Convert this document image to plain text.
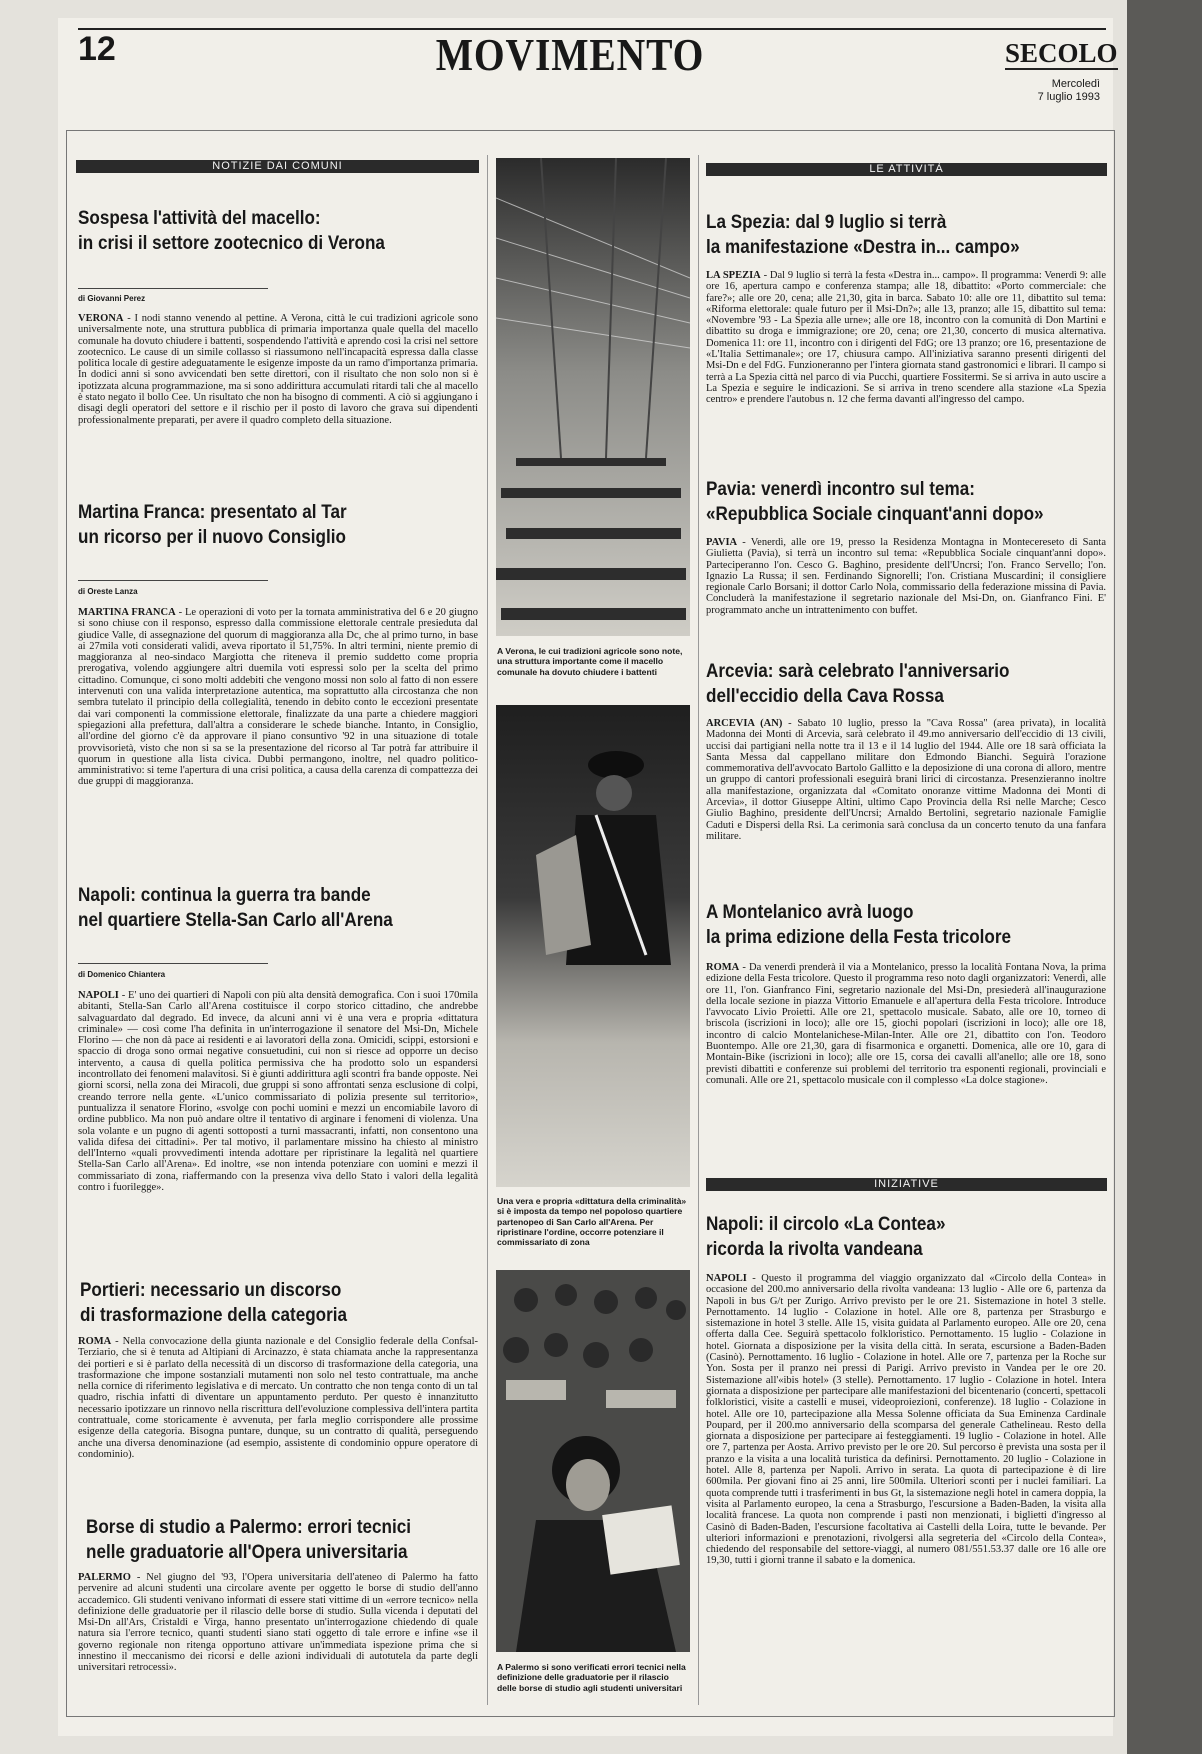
12	MOVIMENTO	SECOLO
Mercoledì
7 luglio 1993
NOTIZIE DAI COMUNI
Sospesa l'attività del macello:
in crisi il settore zootecnico di Verona
di Giovanni Perez
VERONA - I nodi stanno venendo al pettine. A Verona, città le cui tradizioni agricole sono universalmente note, una struttura pubblica di primaria importanza quale quella del macello comunale ha dovuto chiudere i battenti, sospendendo l'attività e aprendo così la crisi nel settore zootecnico. Le cause di un simile collasso si riassumono nell'incapacità espressa dalla classe politica locale di gestire adeguatamente le esigenze imposte da un ramo d'importanza primaria. In dodici anni si sono avvicendati ben sette direttori, con il risultato che non solo non si è ipotizzata alcuna programmazione, ma si sono addirittura accumulati ritardi tali che al macello è stato negato il bollo Cee. Un risultato che non ha bisogno di commenti. A ciò si aggiungano i disagi degli operatori del settore e il rischio per il posto di lavoro che grava sui dipendenti professionalmente preparati, per avere il quadro completo della situazione.
Martina Franca: presentato al Tar
un ricorso per il nuovo Consiglio
di Oreste Lanza
MARTINA FRANCA - Le operazioni di voto per la tornata amministrativa del 6 e 20 giugno si sono chiuse con il responso, espresso dalla commissione elettorale centrale presieduta dal giudice Valle, di assegnazione del quorum di maggioranza alla Dc, che al primo turno, in base ai 27mila voti considerati validi, aveva riportato il 51,75%. In altri termini, niente premio di maggioranza al neo-sindaco Margiotta che riteneva il premio suddetto come propria prerogativa, volendo aggiungere altri duemila voti espressi solo per la scelta del primo cittadino. Comunque, ci sono molti addebiti che vengono mossi non solo al fatto di non essere intervenuti con una valida interpretazione autentica, ma soprattutto alla circostanza che non sembra tutelato il principio della collegialità, tenendo in debito conto le eccezioni presentate dai vari componenti la commissione elettorale, finalizzate da una parte a chiedere maggiori spiegazioni alla prefettura, dall'altra a considerare le schede bianche. Intanto, in Consiglio, all'ordine del giorno c'è da approvare il piano consuntivo '92 in una situazione di totale provvisorietà, visto che non si sa se la presentazione del ricorso al Tar potrà far attribuire il quorum in questione alla lista civica. Dubbi permangono, inoltre, nel quadro politico-amministrativo: si teme l'apertura di una crisi politica, a causa della carenza di compattezza dei due gruppi di maggioranza.
Napoli: continua la guerra tra bande
nel quartiere Stella-San Carlo all'Arena
di Domenico Chiantera
NAPOLI - E' uno dei quartieri di Napoli con più alta densità demografica. Con i suoi 170mila abitanti, Stella-San Carlo all'Arena costituisce il corpo storico cittadino, che andrebbe salvaguardato dal degrado. Ed invece, da alcuni anni vi è una vera e propria «dittatura criminale» — così come l'ha definita in un'interrogazione il senatore del Msi-Dn, Michele Florino — che non dà pace ai residenti e ai lavoratori della zona. Omicidi, scippi, estorsioni e spaccio di droga sono ormai negative consuetudini, cui non si riesce ad opporre un deciso intervento, a causa di quella politica permissiva che ha prodotto solo un espandersi incontrollato dei fenomeni malavitosi. Si è giunti addirittura agli scontri fra bande opposte. Nei giorni scorsi, nella zona dei Miracoli, due gruppi si sono affrontati senza esclusione di colpi, creando terrore nella gente. «L'unico commissariato di polizia presente sul territorio», puntualizza il senatore Florino, «svolge con pochi uomini e mezzi un encomiabile lavoro di ordine pubblico. Ma non può andare oltre il tentativo di arginare i fenomeni di violenza. Una sola volante e un pugno di agenti sottoposti a turni massacranti, infatti, non consentono una valida difesa dei cittadini». Per tal motivo, il parlamentare missino ha chiesto al ministro dell'Interno «quali provvedimenti intenda adottare per ripristinare la legalità nel quartiere Stella-San Carlo all'Arena». Ed inoltre, «se non intenda potenziare con uomini e mezzi il commissariato di zona, riaffermando con la presenza viva dello Stato i valori della legalità contro i fuorilegge».
Portieri: necessario un discorso
di trasformazione della categoria
ROMA - Nella convocazione della giunta nazionale e del Consiglio federale della Confsal-Terziario, che si è tenuta ad Altipiani di Arcinazzo, è stata chiamata anche la rappresentanza dei portieri e si è parlato della necessità di un discorso di trasformazione della categoria, una trasformazione che impone sostanziali mutamenti non solo nel testo contrattuale, ma anche nella cornice di riferimento legislativa e di mercato. Un contratto che non tenga conto di un tal quadro, rischia infatti di diventare un appuntamento perduto. Per questo è innanzitutto necessario ipotizzare un rinnovo nella riscrittura dell'evoluzione complessiva dell'intera partita contrattuale, come storicamente è avvenuta, per farla meglio corrispondere alle prossime esigenze della categoria. Bisogna puntare, dunque, su un contratto di qualità, perseguendo anche una diversa denominazione (ad esempio, assistente di condominio oppure operatore di condominio).
Borse di studio a Palermo: errori tecnici
nelle graduatorie all'Opera universitaria
PALERMO - Nel giugno del '93, l'Opera universitaria dell'ateneo di Palermo ha fatto pervenire ad alcuni studenti una circolare avente per oggetto le borse di studio dell'anno accademico. Gli studenti venivano informati di essere stati vittime di un «errore tecnico» nella definizione delle graduatorie per il rilascio delle borse di studio. Sulla vicenda i deputati del Msi-Dn all'Ars, Cristaldi e Virga, hanno presentato un'interrogazione chiedendo di quale natura sia l'errore tecnico, quanti studenti siano stati oggetto di tale errore e infine «se il governo regionale non ritenga opportuno attivare un'immediata ispezione prima che si innestino il meccanismo dei ricorsi e delle azioni individuali di autotutela da parte degli universitari retrocessi».
A Verona, le cui tradizioni agricole sono note, una struttura importante come il macello comunale ha dovuto chiudere i battenti
Una vera e propria «dittatura della criminalità» si è imposta da tempo nel popoloso quartiere partenopeo di San Carlo all'Arena. Per ripristinare l'ordine, occorre potenziare il commissariato di zona
A Palermo si sono verificati errori tecnici nella definizione delle graduatorie per il rilascio delle borse di studio agli studenti universitari
LE ATTIVITÀ
La Spezia: dal 9 luglio si terrà
la manifestazione «Destra in... campo»
LA SPEZIA - Dal 9 luglio si terrà la festa «Destra in... campo». Il programma: Venerdì 9: alle ore 16, apertura campo e conferenza stampa; alle 18, dibattito: «Porto commerciale: che fare?»; alle ore 20, cena; alle 21,30, gita in barca. Sabato 10: alle ore 11, dibattito sul tema: «Riforma elettorale: quale futuro per il Msi-Dn?»; alle 13, pranzo; alle 15, dibattito sul tema: «Novembre '93 - La Spezia alle urne»; alle ore 18, incontro con la comunità di Don Martini e dibattito su droga e immigrazione; ore 20, cena; ore 21,30, concerto di musica alternativa. Domenica 11: ore 11, incontro con i dirigenti del FdG; ore 13 pranzo; ore 16, presentazione de «L'Italia Settimanale»; ore 17, chiusura campo. All'iniziativa saranno presenti dirigenti del Msi-Dn e del FdG. Funzioneranno per l'intera giornata stand gastronomici e librari. Il campo si terrà a La Spezia città nel parco di via Pucchi, quartiere Fossitermi. Se si arriva in auto uscire a La Spezia e seguire le indicazioni. Se si arriva in treno scendere alla stazione «La Spezia centro» e prendere l'autobus n. 12 che ferma davanti all'ingresso del campo.
Pavia: venerdì incontro sul tema:
«Repubblica Sociale cinquant'anni dopo»
PAVIA - Venerdì, alle ore 19, presso la Residenza Montagna in Montecereseto di Santa Giulietta (Pavia), si terrà un incontro sul tema: «Repubblica Sociale cinquant'anni dopo». Parteciperanno l'on. Cesco G. Baghino, presidente dell'Uncrsi; l'on. Franco Servello; l'on. Ignazio La Russa; il sen. Ferdinando Signorelli; l'on. Cristiana Muscardini; il consigliere regionale Carlo Borsani; il dottor Carlo Nola, commissario della federazione missina di Pavia. Concluderà la manifestazione il segretario nazionale del Msi-Dn, on. Gianfranco Fini. E' programmato anche un intrattenimento con buffet.
Arcevia: sarà celebrato l'anniversario
dell'eccidio della Cava Rossa
ARCEVIA (AN) - Sabato 10 luglio, presso la "Cava Rossa" (area privata), in località Madonna dei Monti di Arcevia, sarà celebrato il 49.mo anniversario dell'eccidio di 13 civili, uccisi dai partigiani nella notte tra il 13 e il 14 luglio del 1944. Alle ore 18 sarà officiata la Santa Messa dal cappellano militare don Edmondo Bianchi. Seguirà l'orazione commemorativa dell'avvocato Bartolo Gallitto e la deposizione di una corona di alloro, mentre un gruppo di cantori professionali eseguirà brani lirici di circostanza. Presenzieranno inoltre alla manifestazione, organizzata dal «Comitato onoranze vittime Madonna dei Monti di Arcevia», il dottor Giuseppe Altini, ultimo Capo Provincia della Rsi nelle Marche; Cesco Giulio Baghino, presidente dell'Uncrsi; Arnaldo Bertolini, segretario nazionale Famiglie Caduti e Dispersi della Rsi. La cerimonia sarà conclusa da un concerto tenuto da una fanfara militare.
A Montelanico avrà luogo
la prima edizione della Festa tricolore
ROMA - Da venerdì prenderà il via a Montelanico, presso la località Fontana Nova, la prima edizione della Festa tricolore. Questo il programma reso noto dagli organizzatori: Venerdì, alle ore 11, l'on. Gianfranco Fini, segretario nazionale del Msi-Dn, presiederà all'inaugurazione della locale sezione in piazza Vittorio Emanuele e all'apertura della Festa tricolore. Introduce l'avvocato Livio Proietti. Alle ore 21, spettacolo musicale. Sabato, alle ore 10, torneo di briscola (iscrizioni in loco); alle ore 15, giochi popolari (iscrizioni in loco); alle ore 18, incontro di calcio Montelanichese-Milan-Inter. Alle ore 21, dibattito con l'on. Teodoro Buontempo. Alle ore 21,30, gara di fisarmonica e organetti. Domenica, alle ore 10, gara di Montain-Bike (iscrizioni in loco); alle ore 15, corsa dei cavalli all'anello; alle ore 18, sono previsti dibattiti e conferenze sui problemi del territorio tra esponenti regionali, provinciali e comunali. Alle ore 21, spettacolo musicale con il complesso «La dolce stagione».
INIZIATIVE
Napoli: il circolo «La Contea»
ricorda la rivolta vandeana
NAPOLI - Questo il programma del viaggio organizzato dal «Circolo della Contea» in occasione del 200.mo anniversario della rivolta vandeana: 13 luglio - Alle ore 6, partenza da Napoli in bus G/t per Zurigo. Arrivo previsto per le ore 21. Sistemazione in hotel 3 stelle. Pernottamento. 14 luglio - Colazione in hotel. Alle ore 8, partenza per Strasburgo e sistemazione in hotel 3 stelle. Alle 15, visita guidata al Parlamento europeo. Alle ore 20, cena offerta dalla Cee. Seguirà spettacolo folkloristico. Pernottamento. 15 luglio - Colazione in hotel. Giornata a disposizione per la visita della città. In serata, escursione a Baden-Baden (Casinò). Pernottamento. 16 luglio - Colazione in hotel. Alle ore 7, partenza per la Roche sur Yon. Sosta per il pranzo nei pressi di Parigi. Arrivo previsto in Vandea per le ore 20. Sistemazione all'«ibis hotel» (3 stelle). Pernottamento. 17 luglio - Colazione in hotel. Intera giornata a disposizione per partecipare alle manifestazioni del bicentenario (concerti, spettacoli folkloristici, visite a castelli e musei, videoproiezioni, conferenze). 18 luglio - Colazione in hotel. Alle ore 10, partecipazione alla Messa Solenne officiata da Sua Eminenza Cardinale Poupard, per il 200.mo anniversario della scomparsa del generale Cathelineau. Resto della giornata a disposizione per partecipare ai festeggiamenti. 19 luglio - Colazione in hotel. Alle ore 7, partenza per Aosta. Arrivo previsto per le ore 20. Sul percorso è prevista una sosta per il pranzo e la visita a una località turistica da definirsi. Pernottamento. 20 luglio - Colazione in hotel. Alle 8, partenza per Napoli. Arrivo in serata. La quota di partecipazione è di lire 600mila. Per giovani fino ai 25 anni, lire 500mila. Ulteriori sconti per i nuclei familiari. La quota comprende tutti i trasferimenti in bus Gt, la sistemazione negli hotel in camera doppia, la visita al Parlamento europeo, la cena a Strasburgo, l'escursione a Baden-Baden, la visita alla località francese. La quota non comprende i pasti non menzionati, i biglietti d'ingresso al Casinò di Baden-Baden, l'escursione facoltativa ai Castelli della Loira, tutte le bevande. Per ulteriori informazioni e prenotazioni, rivolgersi alla segreteria del «Circolo della Contea», chiedendo del responsabile del settore-viaggi, al numero 081/551.53.37 dalle ore 16 alle ore 19,30, tutti i giorni tranne il sabato e la domenica.
